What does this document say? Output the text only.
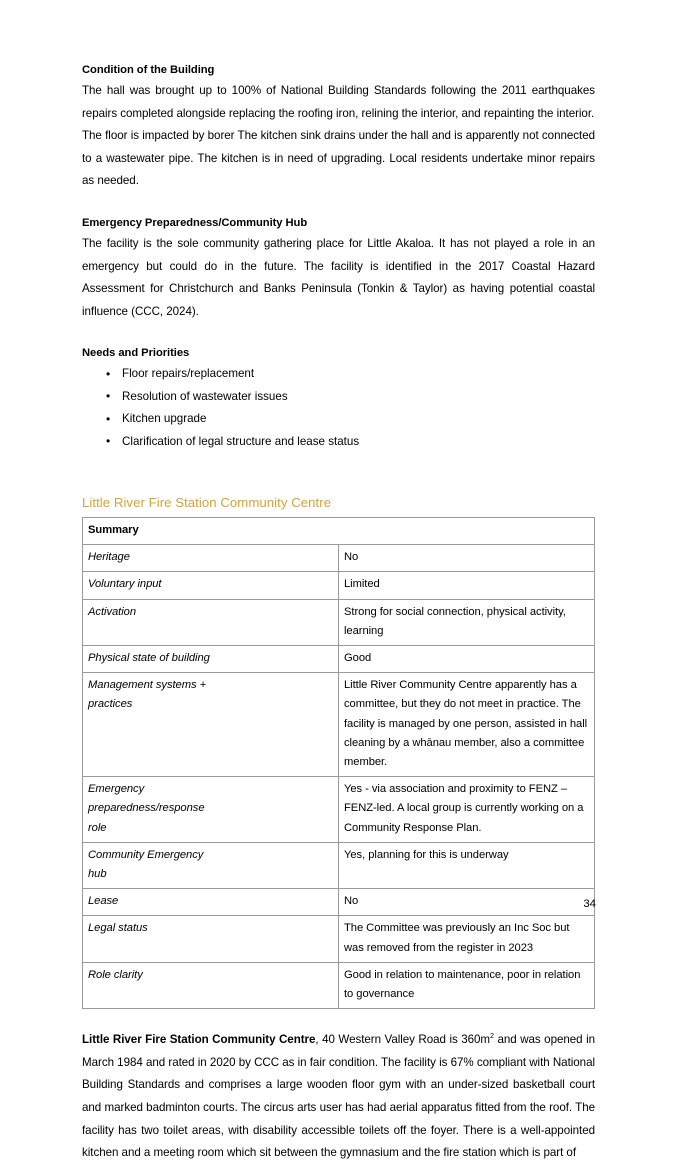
Condition of the Building

The hall was brought up to 100% of National Building Standards following the 2011 earthquakes repairs completed alongside replacing the roofing iron, relining the interior, and repainting the interior.

The floor is impacted by borer The kitchen sink drains under the hall and is apparently not connected to a wastewater pipe. The kitchen is in need of upgrading. Local residents undertake minor repairs as needed.

Emergency Preparedness/Community Hub

The facility is the sole community gathering place for Little Akaloa. It has not played a role in an emergency but could do in the future. The facility is identified in the 2017 Coastal Hazard Assessment for Christchurch and Banks Peninsula (Tonkin & Taylor) as having potential coastal influence (CCC, 2024).

Needs and Priorities
• Floor repairs/replacement
• Resolution of wastewater issues
• Kitchen upgrade
• Clarification of legal structure and lease status
Little River Fire Station Community Centre
Summary	
Heritage	No
Voluntary input	Limited
Activation	Strong for social connection, physical activity, learning
Physical state of building	Good

Management systems +
practices	Little River Community Centre apparently has a committee, but they do not meet in practice. The facility is managed by one person, assisted in hall cleaning by a whānau member, also a committee member.

Emergency
preparedness/response
role	Yes - via association and proximity to FENZ – FENZ-led. A local group is currently working on a Community Response Plan.

Community Emergency
hub	Yes, planning for this is underway
Lease	No
Legal status	The Committee was previously an Inc Soc but was removed from the register in 2023
Role clarity	Good in relation to maintenance, poor in relation to governance

Little River Fire Station Community Centre, 40 Western Valley Road is $360m^2$ and was opened in March 1984 and rated in 2020 by CCC as in fair condition. The facility is 67% compliant with National Building Standards and comprises a large wooden floor gym with an under-sized basketball court and marked badminton courts. The circus arts user has had aerial apparatus fitted from the roof. The facility has two toilet areas, with disability accessible toilets off the foyer. There is a well-appointed kitchen and a meeting room which sit between the gymnasium and the fire station which is part of

34
